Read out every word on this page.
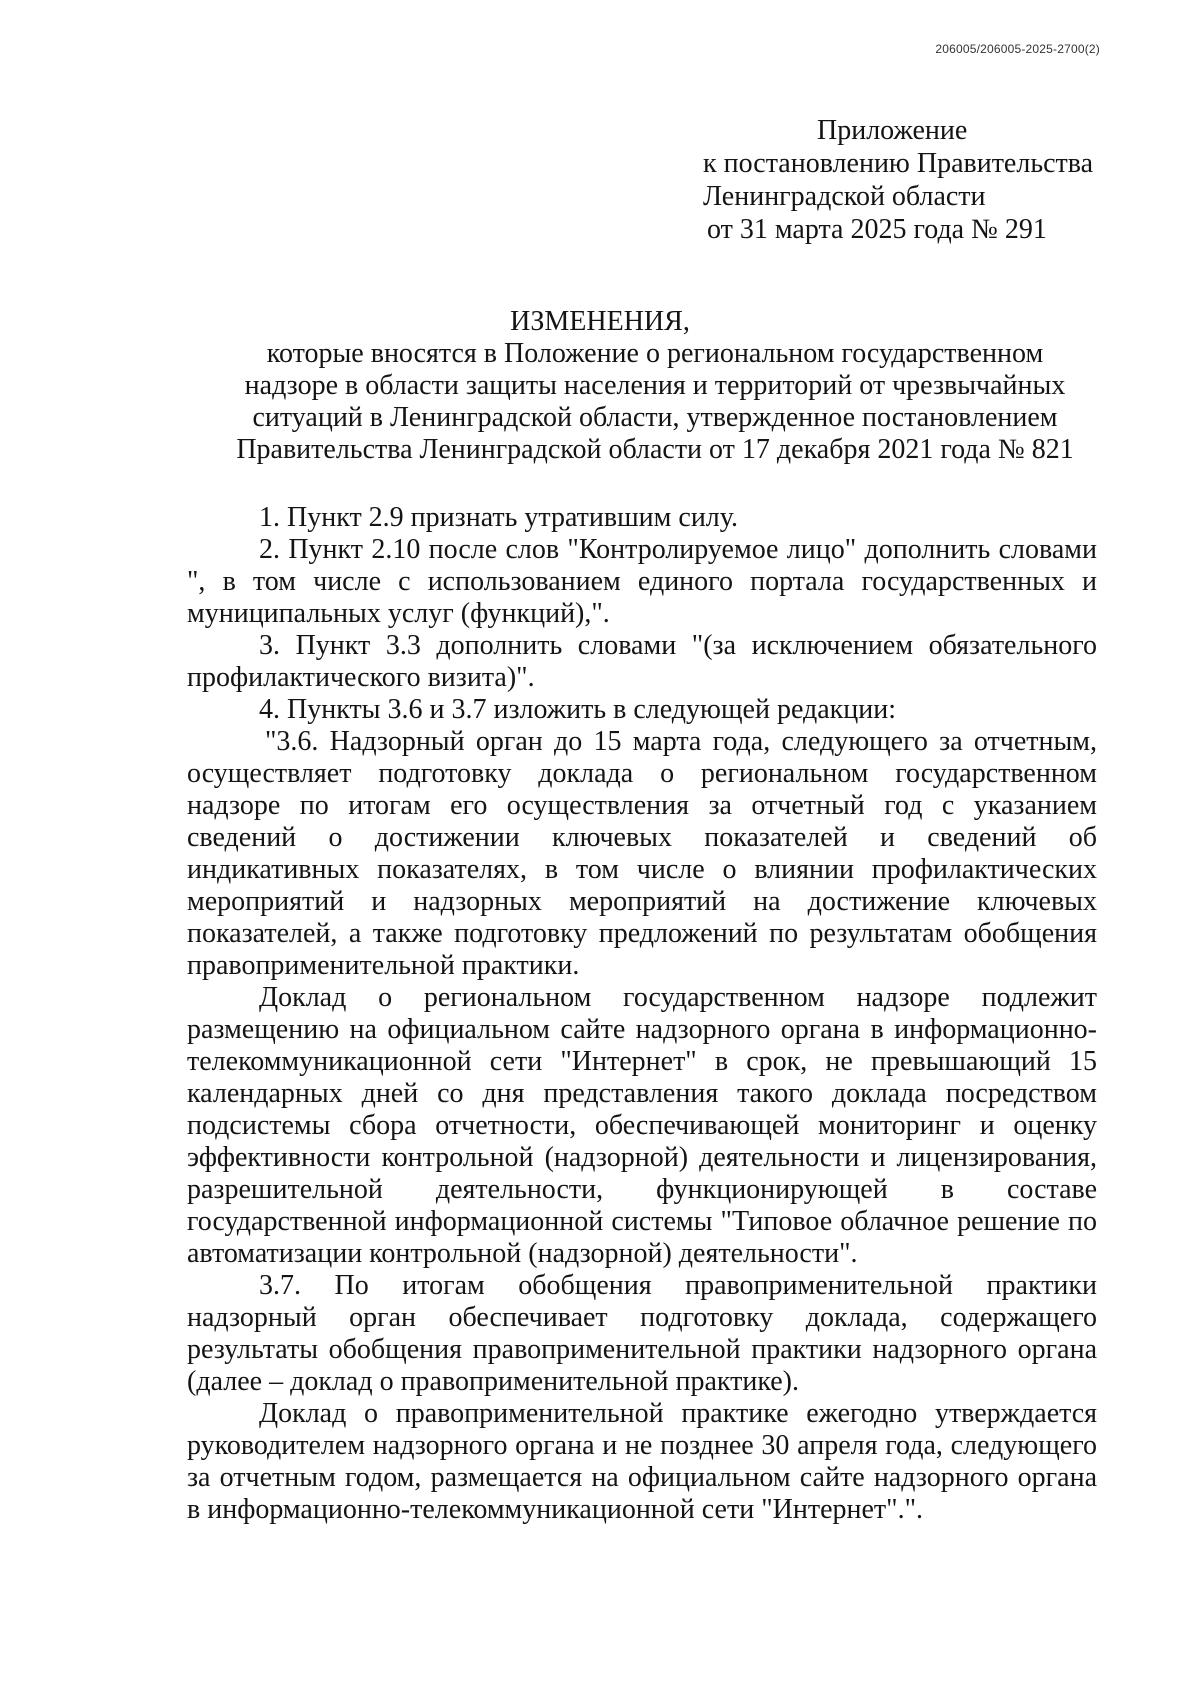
206005/206005-2025-2700(2)
Приложение
к постановлению Правительства
Ленинградской области
от 31 марта 2025 года № 291
ИЗМЕНЕНИЯ,
которые вносятся в Положение о региональном государственном
надзоре в области защиты населения и территорий от чрезвычайных
ситуаций в Ленинградской области, утвержденное постановлением
Правительства Ленинградской области от 17 декабря 2021 года № 821

1. Пункт 2.9 признать утратившим силу.

2. Пункт 2.10 после слов "Контролируемое лицо" дополнить словами ", в том числе с использованием единого портала государственных и муниципальных услуг (функций),".

3. Пункт 3.3 дополнить словами "(за исключением обязательного профилактического визита)".

4. Пункты 3.6 и 3.7 изложить в следующей редакции:

"3.6. Надзорный орган до 15 марта года, следующего за отчетным, осуществляет подготовку доклада о региональном государственном надзоре по итогам его осуществления за отчетный год с указанием сведений о достижении ключевых показателей и сведений об индикативных показателях, в том числе о влиянии профилактических мероприятий и надзорных мероприятий на достижение ключевых показателей, а также подготовку предложений по результатам обобщения правоприменительной практики.

Доклад о региональном государственном надзоре подлежит размещению на официальном сайте надзорного органа в информационно-телекоммуникационной сети "Интернет" в срок, не превышающий 15 календарных дней со дня представления такого доклада посредством подсистемы сбора отчетности, обеспечивающей мониторинг и оценку эффективности контрольной (надзорной) деятельности и лицензирования, разрешительной деятельности, функционирующей в составе государственной информационной системы "Типовое облачное решение по автоматизации контрольной (надзорной) деятельности".

3.7. По итогам обобщения правоприменительной практики надзорный орган обеспечивает подготовку доклада, содержащего результаты обобщения правоприменительной практики надзорного органа (далее – доклад о правоприменительной практике).

Доклад о правоприменительной практике ежегодно утверждается руководителем надзорного органа и не позднее 30 апреля года, следующего за отчетным годом, размещается на официальном сайте надзорного органа в информационно-телекоммуникационной сети "Интернет".".
